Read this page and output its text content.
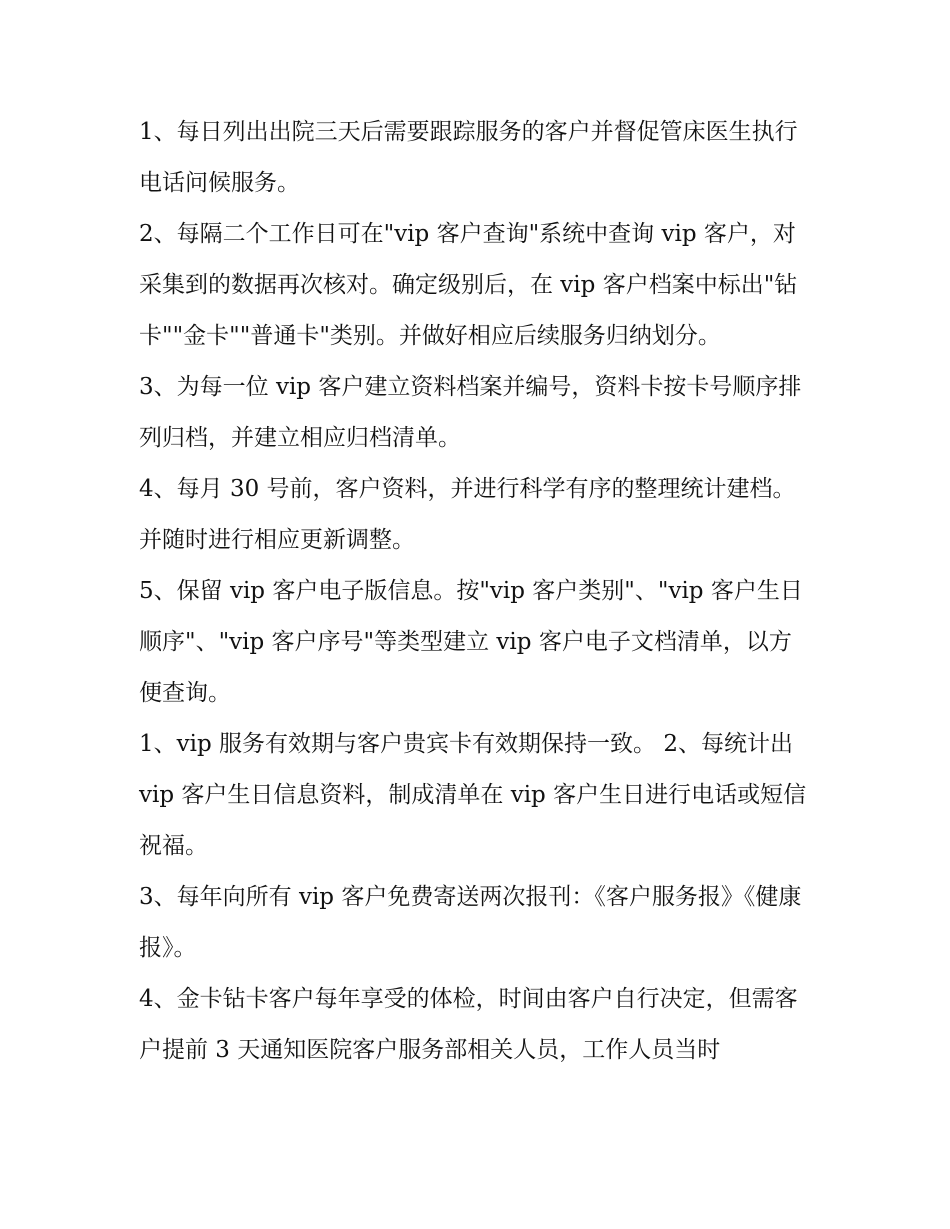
1、每日列出出院三天后需要跟踪服务的客户并督促管床医生执行电话问候服务。

2、每隔二个工作日可在"vip 客户查询"系统中查询 vip 客户，对采集到的数据再次核对。确定级别后，在 vip 客户档案中标出"钻卡""金卡""普通卡"类别。并做好相应后续服务归纳划分。

3、为每一位 vip 客户建立资料档案并编号，资料卡按卡号顺序排列归档，并建立相应归档清单。

4、每月 30 号前，客户资料，并进行科学有序的整理统计建档。并随时进行相应更新调整。

5、保留 vip 客户电子版信息。按"vip 客户类别"、"vip 客户生日顺序"、"vip 客户序号"等类型建立 vip 客户电子文档清单，以方便查询。

1、vip 服务有效期与客户贵宾卡有效期保持一致。 2、每统计出 vip 客户生日信息资料，制成清单在 vip 客户生日进行电话或短信祝福。

3、每年向所有 vip 客户免费寄送两次报刊：《客户服务报》《健康报》。

4、金卡钻卡客户每年享受的体检，时间由客户自行决定，但需客户提前 3 天通知医院客户服务部相关人员，工作人员当时
